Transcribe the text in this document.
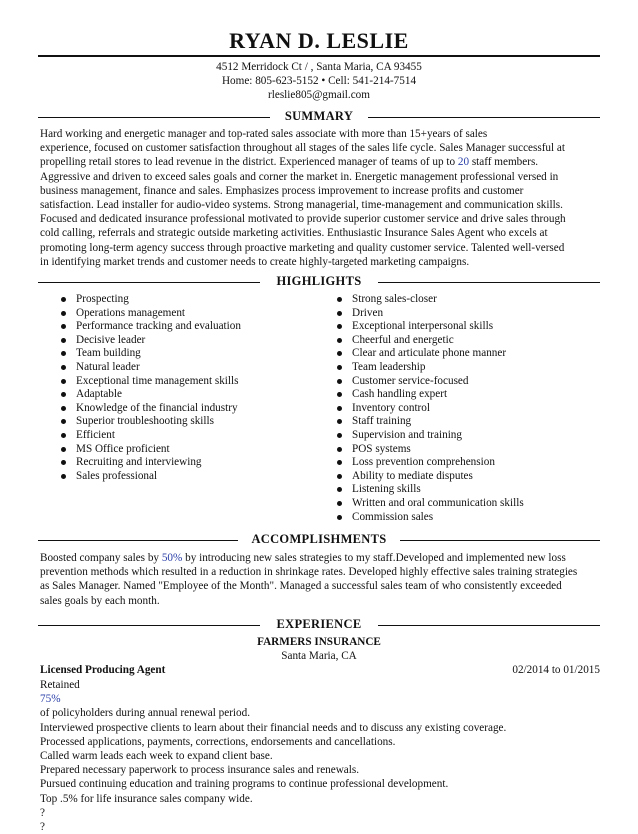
RYAN D. LESLIE
4512 Merridock Ct / , Santa Maria, CA 93455
Home: 805-623-5152 • Cell: 541-214-7514
rleslie805@gmail.com
SUMMARY
Hard working and energetic manager and top-rated sales associate with more than 15+years of sales
experience, focused on customer satisfaction throughout all stages of the sales life cycle. Sales Manager successful at
propelling retail stores to lead revenue in the district. Experienced manager of teams of up to 20 staff members.
Aggressive and driven to exceed sales goals and corner the market in. Energetic management professional versed in
business management, finance and sales. Emphasizes process improvement to increase profits and customer
satisfaction. Lead installer for audio-video systems. Strong managerial, time-management and communication skills.
Focused and dedicated insurance professional motivated to provide superior customer service and drive sales through
cold calling, referrals and strategic outside marketing activities. Enthusiastic Insurance Sales Agent who excels at
promoting long-term agency success through proactive marketing and quality customer service. Talented well-versed
in identifying market trends and customer needs to create highly-targeted marketing campaigns.
HIGHLIGHTS
Prospecting
Operations management
Performance tracking and evaluation
Decisive leader
Team building
Natural leader
Exceptional time management skills
Adaptable
Knowledge of the financial industry
Superior troubleshooting skills
Efficient
MS Office proficient
Recruiting and interviewing
Sales professional
Strong sales-closer
Driven
Exceptional interpersonal skills
Cheerful and energetic
Clear and articulate phone manner
Team leadership
Customer service-focused
Cash handling expert
Inventory control
Staff training
Supervision and training
POS systems
Loss prevention comprehension
Ability to mediate disputes
Listening skills
Written and oral communication skills
Commission sales
ACCOMPLISHMENTS
Boosted company sales by 50% by introducing new sales strategies to my staff.Developed and implemented new loss
prevention methods which resulted in a reduction in shrinkage rates. Developed highly effective sales training strategies
as Sales Manager. Named "Employee of the Month". Managed a successful sales team of who consistently exceeded
sales goals by each month.
EXPERIENCE
FARMERS INSURANCE
Santa Maria, CA
Licensed Producing Agent	02/2014 to 01/2015
Retained
75%
of policyholders during annual renewal period.
Interviewed prospective clients to learn about their financial needs and to discuss any existing coverage.
Processed applications, payments, corrections, endorsements and cancellations.
Called warm leads each week to expand client base.
Prepared necessary paperwork to process insurance sales and renewals.
Pursued continuing education and training programs to continue professional development.
Top .5% for life insurance sales company wide.
?
?
